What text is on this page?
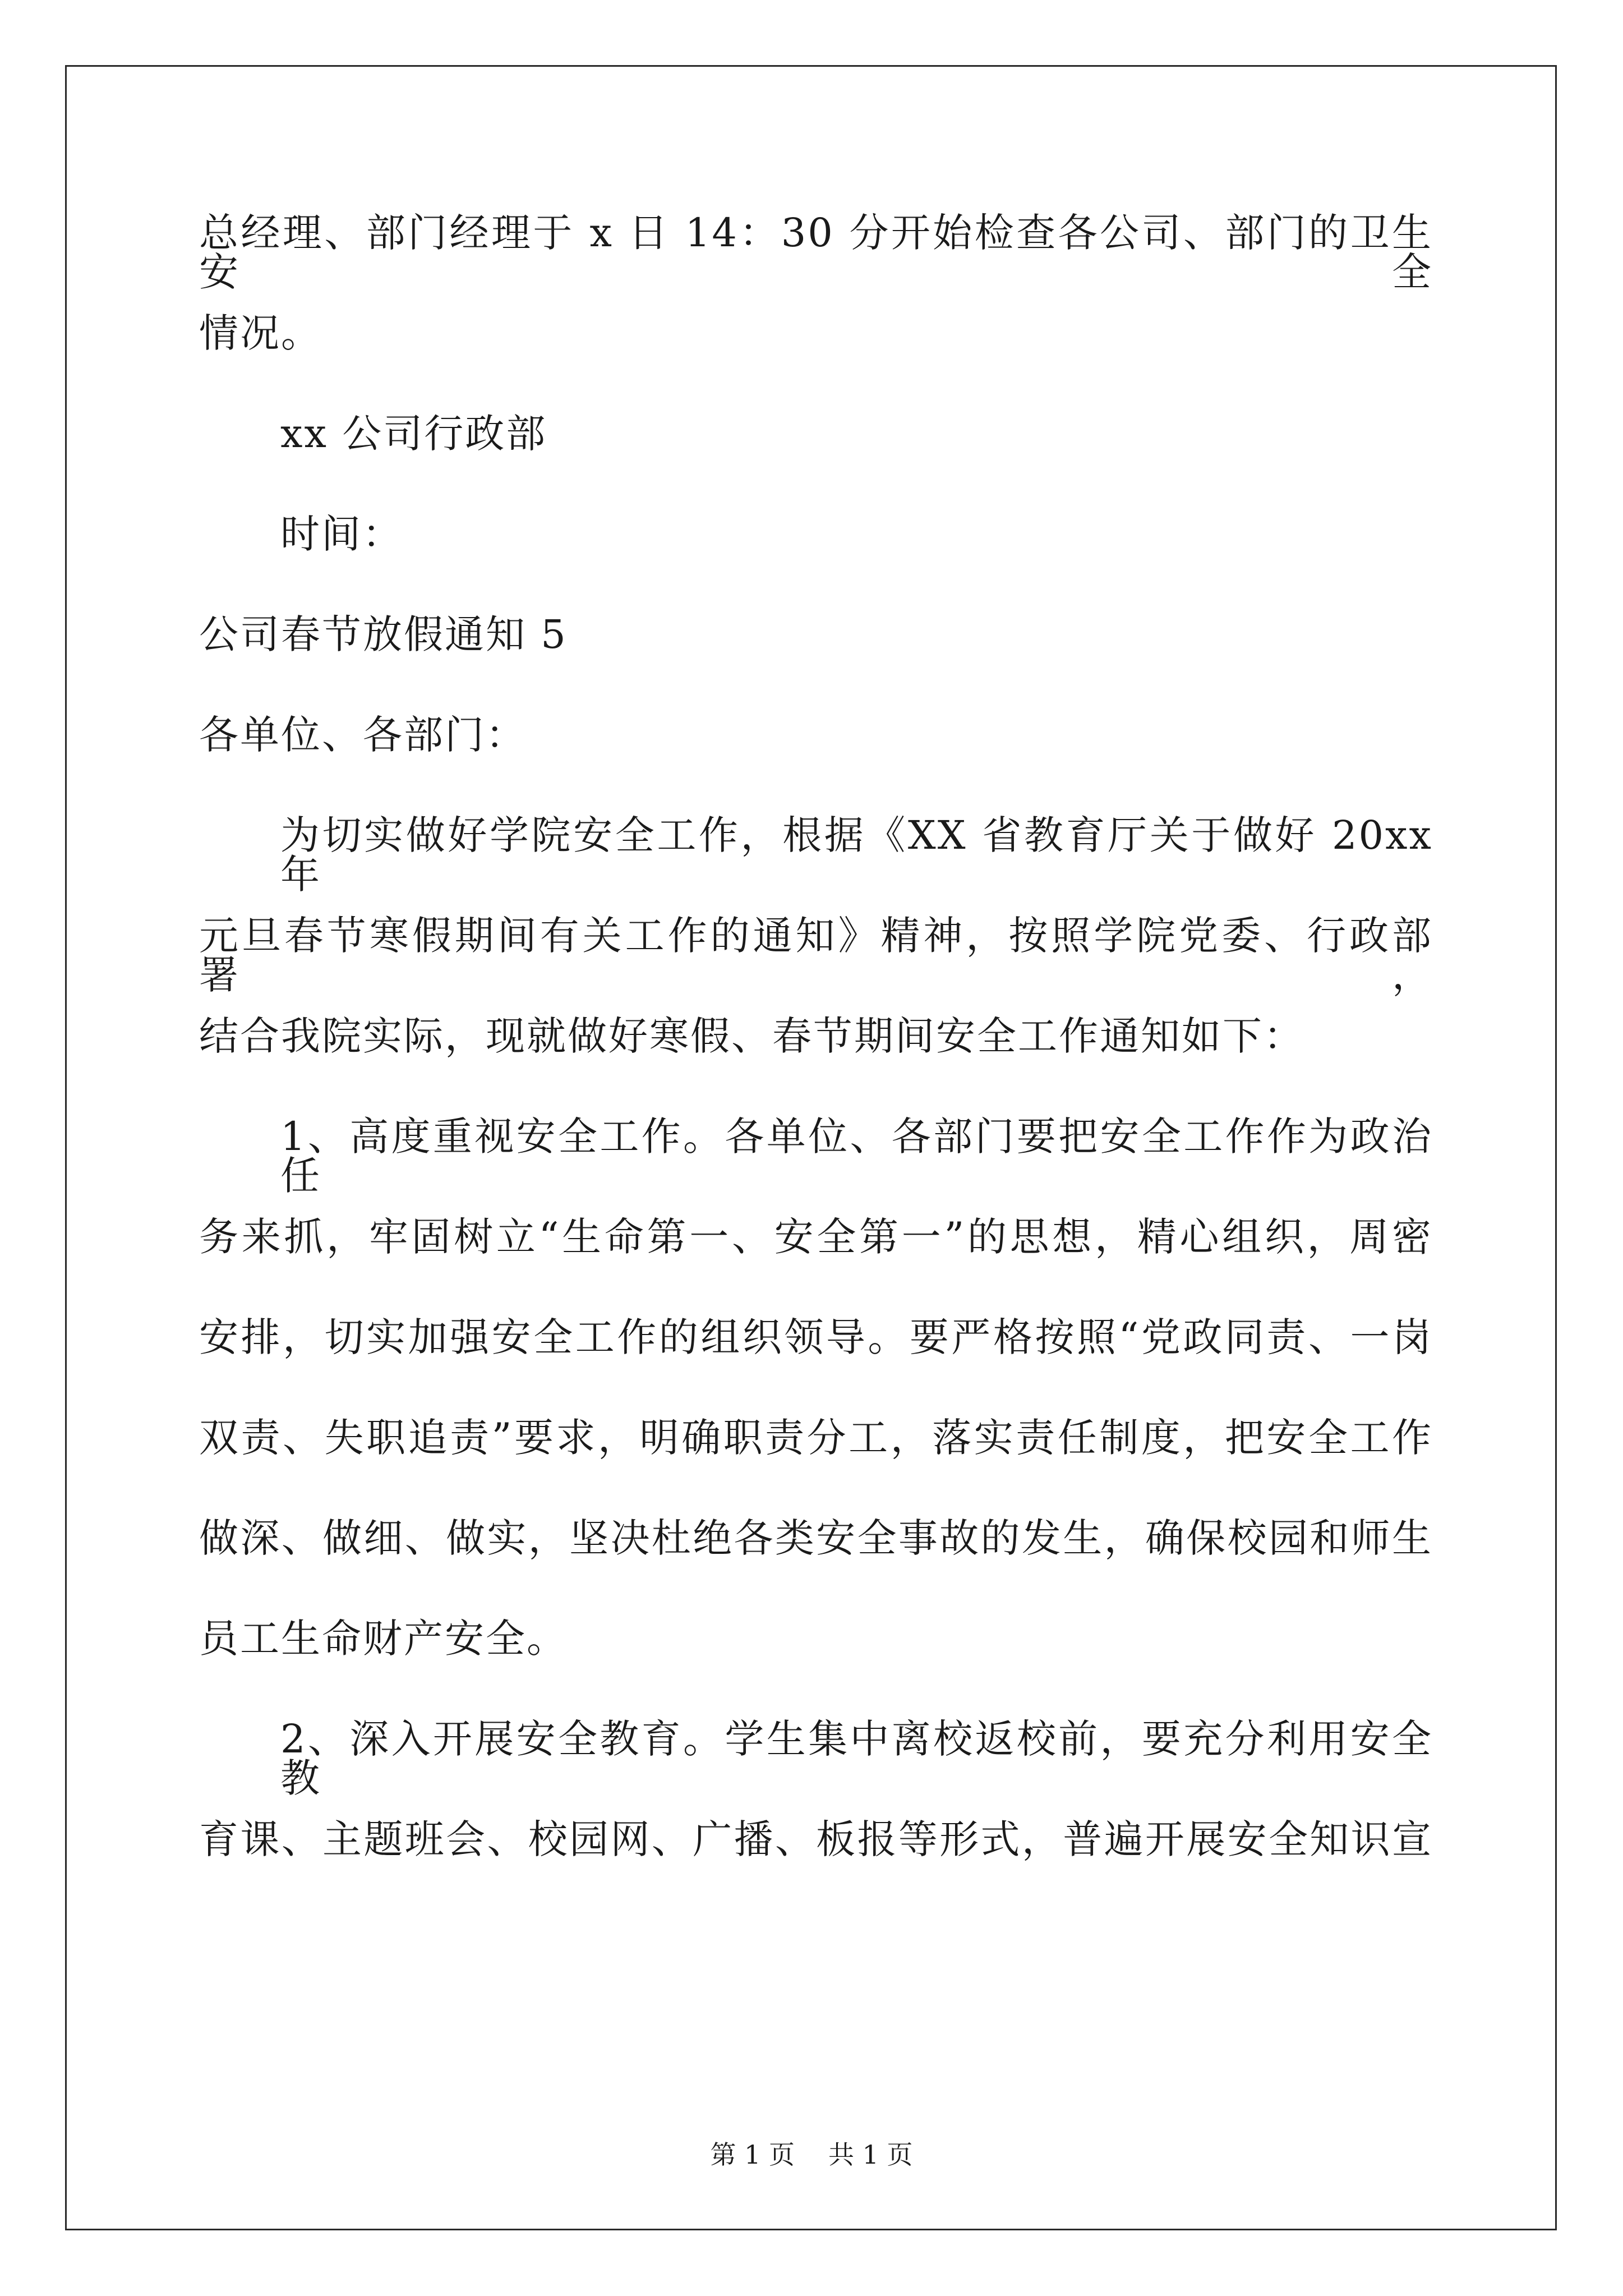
总经理、部门经理于 x 日 14：30 分开始检查各公司、部门的卫生安全
情况。
xx 公司行政部
时间：
公司春节放假通知 5
各单位、各部门：
为切实做好学院安全工作，根据《XX 省教育厅关于做好 20xx 年
元旦春节寒假期间有关工作的通知》精神，按照学院党委、行政部署，
结合我院实际，现就做好寒假、春节期间安全工作通知如下：
1、高度重视安全工作。各单位、各部门要把安全工作作为政治任
务来抓，牢固树立“生命第一、安全第一”的思想，精心组织，周密
安排，切实加强安全工作的组织领导。要严格按照“党政同责、一岗
双责、失职追责”要求，明确职责分工，落实责任制度，把安全工作
做深、做细、做实，坚决杜绝各类安全事故的发生，确保校园和师生
员工生命财产安全。
2、深入开展安全教育。学生集中离校返校前，要充分利用安全教
育课、主题班会、校园网、广播、板报等形式，普遍开展安全知识宣
第 1 页 共 1 页
